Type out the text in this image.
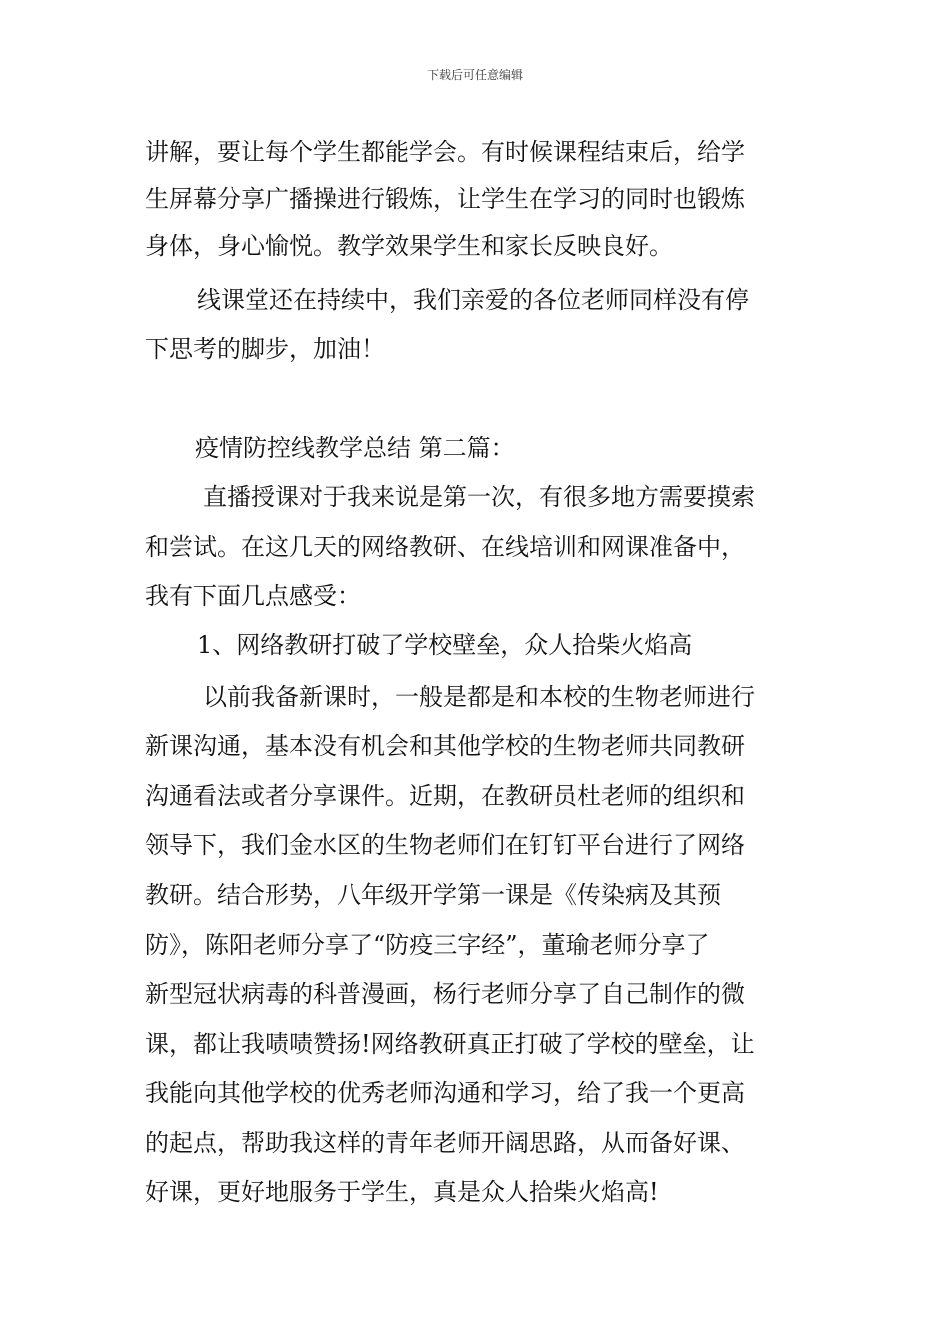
下载后可任意编辑
讲解，要让每个学生都能学会。有时候课程结束后，给学
生屏幕分享广播操进行锻炼，让学生在学习的同时也锻炼
身体，身心愉悦。教学效果学生和家长反映良好。
线课堂还在持续中，我们亲爱的各位老师同样没有停
下思考的脚步，加油！
疫情防控线教学总结 第二篇：
直播授课对于我来说是第一次，有很多地方需要摸索
和尝试。在这几天的网络教研、在线培训和网课准备中，
我有下面几点感受：
1、网络教研打破了学校壁垒，众人拾柴火焰高
以前我备新课时，一般是都是和本校的生物老师进行
新课沟通，基本没有机会和其他学校的生物老师共同教研
沟通看法或者分享课件。近期，在教研员杜老师的组织和
领导下，我们金水区的生物老师们在钉钉平台进行了网络
教研。结合形势，八年级开学第一课是《传染病及其预
防》，陈阳老师分享了“防疫三字经”，董瑜老师分享了
新型冠状病毒的科普漫画，杨行老师分享了自己制作的微
课，都让我啧啧赞扬!网络教研真正打破了学校的壁垒，让
我能向其他学校的优秀老师沟通和学习，给了我一个更高
的起点，帮助我这样的青年老师开阔思路，从而备好课、
好课，更好地服务于学生，真是众人拾柴火焰高!
